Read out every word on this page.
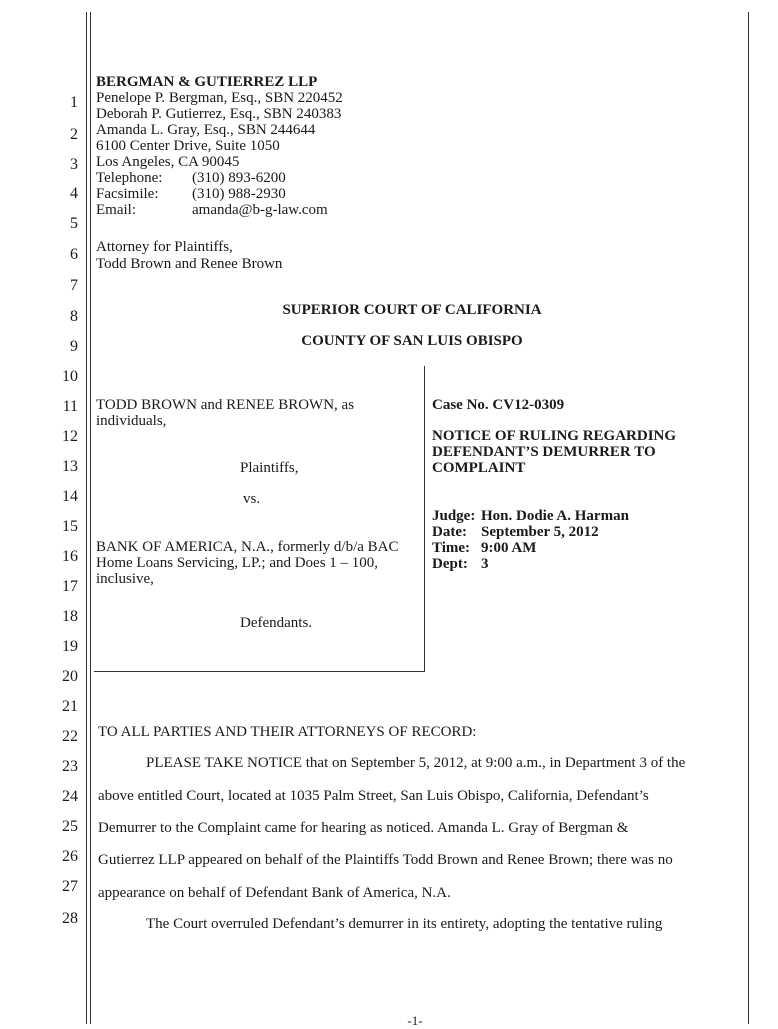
1
2
3
4
5
6
7
8
9
10
11
12
13
14
15
16
17
18
19
20
21
22
23
24
25
26
27
28
BERGMAN & GUTIERREZ LLP
Penelope P. Bergman, Esq., SBN 220452
Deborah P. Gutierrez, Esq., SBN 240383
Amanda L. Gray, Esq., SBN 244644
6100 Center Drive, Suite 1050
Los Angeles, CA 90045
Telephone: (310) 893-6200
Facsimile: (310) 988-2930
Email:	amanda@b-g-law.com
Attorney for Plaintiffs,
Todd Brown and Renee Brown
SUPERIOR COURT OF CALIFORNIA
COUNTY OF SAN LUIS OBISPO
TODD BROWN and RENEE BROWN, as
individuals,
Plaintiffs,
vs.
BANK OF AMERICA, N.A., formerly d/b/a BAC
Home Loans Servicing, LP.; and Does 1 – 100,
inclusive,
Defendants.
Case No. CV12-0309
NOTICE OF RULING REGARDING
DEFENDANT’S DEMURRER TO
COMPLAINT
Judge: Hon. Dodie A. Harman
Date: September 5, 2012
Time: 9:00 AM
Dept: 3
TO ALL PARTIES AND THEIR ATTORNEYS OF RECORD:
PLEASE TAKE NOTICE that on September 5, 2012, at 9:00 a.m., in Department 3 of the
above entitled Court, located at 1035 Palm Street, San Luis Obispo, California, Defendant’s
Demurrer to the Complaint came for hearing as noticed. Amanda L. Gray of Bergman &
Gutierrez LLP appeared on behalf of the Plaintiffs Todd Brown and Renee Brown; there was no
appearance on behalf of Defendant Bank of America, N.A.
The Court overruled Defendant’s demurrer in its entirety, adopting the tentative ruling
-1-
